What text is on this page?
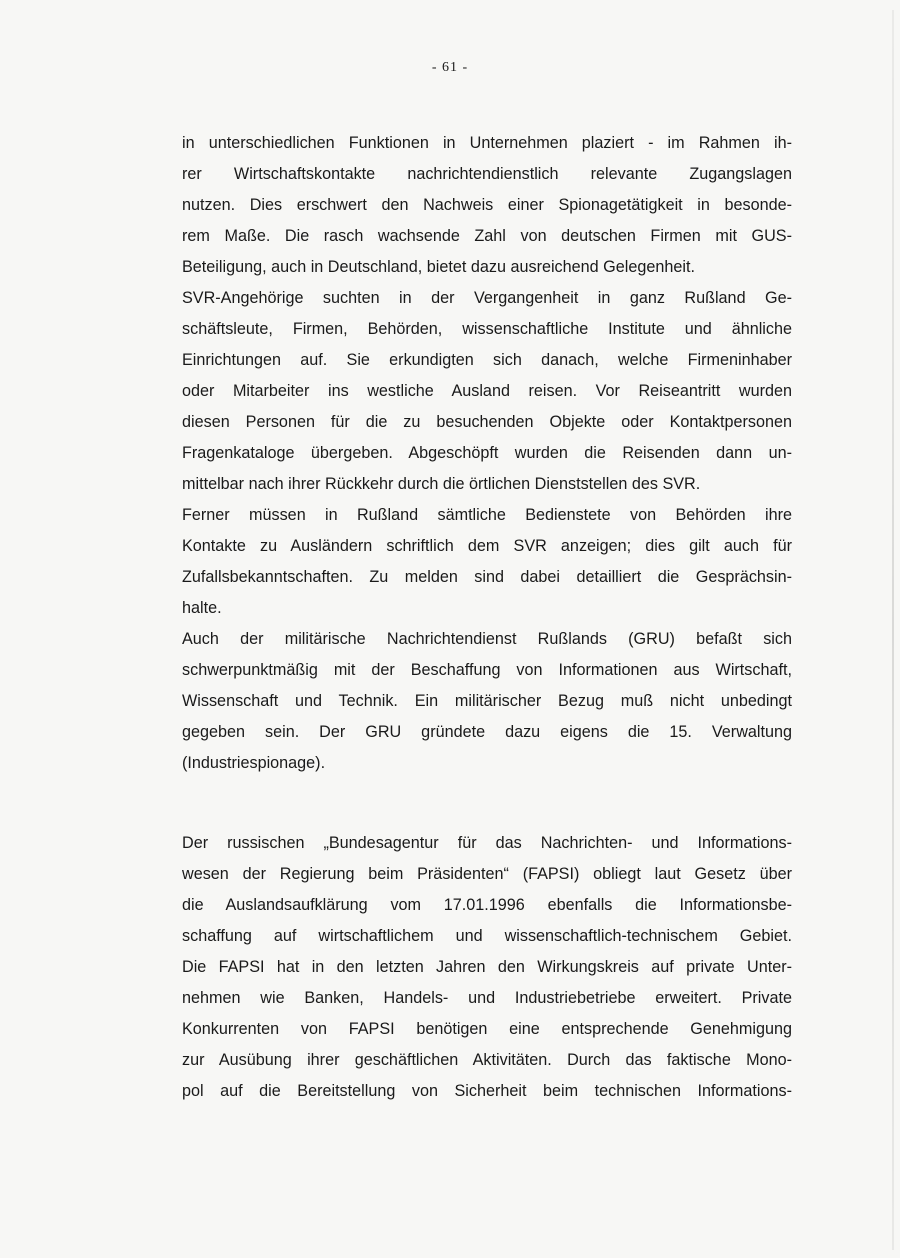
- 61 -
in unterschiedlichen Funktionen in Unternehmen plaziert - im Rahmen ih-
rer Wirtschaftskontakte nachrichtendienstlich relevante Zugangslagen
nutzen. Dies erschwert den Nachweis einer Spionagetätigkeit in besonde-
rem Maße. Die rasch wachsende Zahl von deutschen Firmen mit GUS-
Beteiligung, auch in Deutschland, bietet dazu ausreichend Gelegenheit.
SVR-Angehörige suchten in der Vergangenheit in ganz Rußland Ge-
schäftsleute, Firmen, Behörden, wissenschaftliche Institute und ähnliche
Einrichtungen auf. Sie erkundigten sich danach, welche Firmeninhaber
oder Mitarbeiter ins westliche Ausland reisen. Vor Reiseantritt wurden
diesen Personen für die zu besuchenden Objekte oder Kontaktpersonen
Fragenkataloge übergeben. Abgeschöpft wurden die Reisenden dann un-
mittelbar nach ihrer Rückkehr durch die örtlichen Dienststellen des SVR.
Ferner müssen in Rußland sämtliche Bedienstete von Behörden ihre
Kontakte zu Ausländern schriftlich dem SVR anzeigen; dies gilt auch für
Zufallsbekanntschaften. Zu melden sind dabei detailliert die Gesprächsin-
halte.
Auch der militärische Nachrichtendienst Rußlands (GRU) befaßt sich
schwerpunktmäßig mit der Beschaffung von Informationen aus Wirtschaft,
Wissenschaft und Technik. Ein militärischer Bezug muß nicht unbedingt
gegeben sein. Der GRU gründete dazu eigens die 15. Verwaltung
(Industriespionage).
Der russischen „Bundesagentur für das Nachrichten- und Informations-
wesen der Regierung beim Präsidenten“ (FAPSI) obliegt laut Gesetz über
die Auslandsaufklärung vom 17.01.1996 ebenfalls die Informationsbe-
schaffung auf wirtschaftlichem und wissenschaftlich-technischem Gebiet.
Die FAPSI hat in den letzten Jahren den Wirkungskreis auf private Unter-
nehmen wie Banken, Handels- und Industriebetriebe erweitert. Private
Konkurrenten von FAPSI benötigen eine entsprechende Genehmigung
zur Ausübung ihrer geschäftlichen Aktivitäten. Durch das faktische Mono-
pol auf die Bereitstellung von Sicherheit beim technischen Informations-
